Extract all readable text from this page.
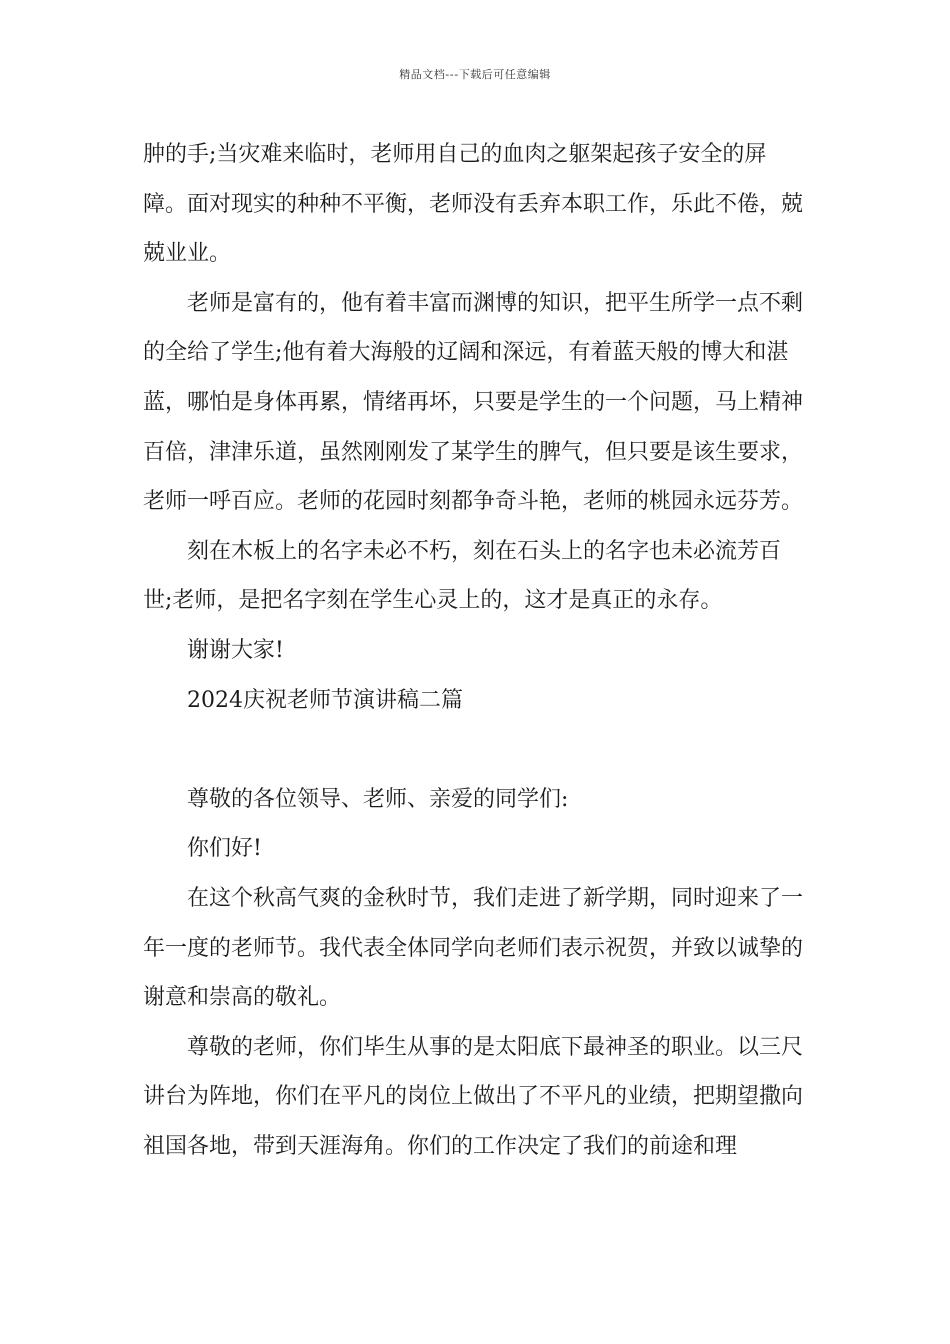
精品文档---下载后可任意编辑

肿的手;当灾难来临时，老师用自己的血肉之躯架起孩子安全的屏障。面对现实的种种不平衡，老师没有丢弃本职工作，乐此不倦，兢兢业业。

老师是富有的，他有着丰富而渊博的知识，把平生所学一点不剩的全给了学生;他有着大海般的辽阔和深远，有着蓝天般的博大和湛蓝，哪怕是身体再累，情绪再坏，只要是学生的一个问题，马上精神百倍，津津乐道，虽然刚刚发了某学生的脾气，但只要是该生要求，老师一呼百应。老师的花园时刻都争奇斗艳，老师的桃园永远芬芳。

刻在木板上的名字未必不朽，刻在石头上的名字也未必流芳百世;老师，是把名字刻在学生心灵上的，这才是真正的永存。

谢谢大家!

2024庆祝老师节演讲稿二篇

尊敬的各位领导、老师、亲爱的同学们:

你们好!

在这个秋高气爽的金秋时节，我们走进了新学期，同时迎来了一年一度的老师节。我代表全体同学向老师们表示祝贺，并致以诚挚的谢意和崇高的敬礼。

尊敬的老师，你们毕生从事的是太阳底下最神圣的职业。以三尺讲台为阵地，你们在平凡的岗位上做出了不平凡的业绩，把期望撒向祖国各地，带到天涯海角。你们的工作决定了我们的前途和理
